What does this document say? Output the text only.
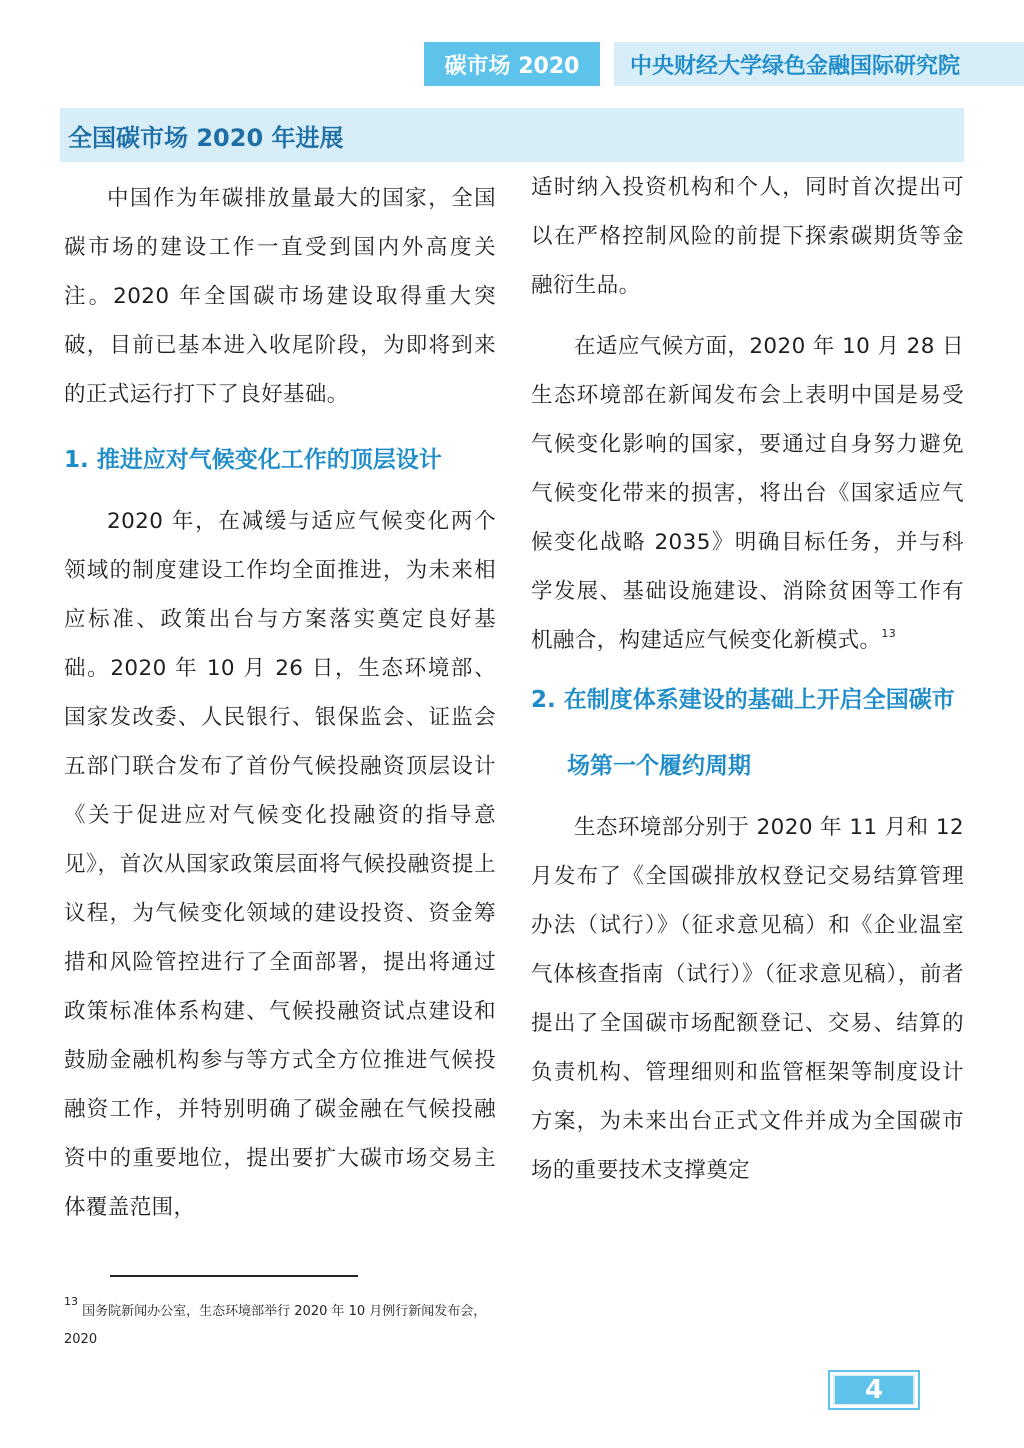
碳市场 2020	中央财经大学绿色金融国际研究院
全国碳市场 2020 年进展

中国作为年碳排放量最大的国家，全国碳市场的建设工作一直受到国内外高度关注。2020 年全国碳市场建设取得重大突破，目前已基本进入收尾阶段，为即将到来的正式运行打下了良好基础。

1. 推进应对气候变化工作的顶层设计

2020 年，在减缓与适应气候变化两个领域的制度建设工作均全面推进，为未来相应标准、政策出台与方案落实奠定良好基础。2020 年 10 月 26 日，生态环境部、国家发改委、人民银行、银保监会、证监会五部门联合发布了首份气候投融资顶层设计《关于促进应对气候变化投融资的指导意见》，首次从国家政策层面将气候投融资提上议程，为气候变化领域的建设投资、资金筹措和风险管控进行了全面部署，提出将通过政策标准体系构建、气候投融资试点建设和鼓励金融机构参与等方式全方位推进气候投融资工作，并特别明确了碳金融在气候投融资中的重要地位，提出要扩大碳市场交易主体覆盖范围，

适时纳入投资机构和个人，同时首次提出可以在严格控制风险的前提下探索碳期货等金融衍生品。

在适应气候方面，2020 年 10 月 28 日生态环境部在新闻发布会上表明中国是易受气候变化影响的国家，要通过自身努力避免气候变化带来的损害，将出台《国家适应气候变化战略 2035》明确目标任务，并与科学发展、基础设施建设、消除贫困等工作有机融合，构建适应气候变化新模式。$^{13}$

2. 在制度体系建设的基础上开启全国碳市场第一个履约周期

生态环境部分别于 2020 年 11 月和 12 月发布了《全国碳排放权登记交易结算管理办法（试行）》（征求意见稿）和《企业温室气体核查指南（试行）》（征求意见稿），前者提出了全国碳市场配额登记、交易、结算的负责机构、管理细则和监管框架等制度设计方案，为未来出台正式文件并成为全国碳市场的重要技术支撑奠定

$^{13}$ 国务院新闻办公室，生态环境部举行 2020 年 10 月例行新闻发布会，2020
4
